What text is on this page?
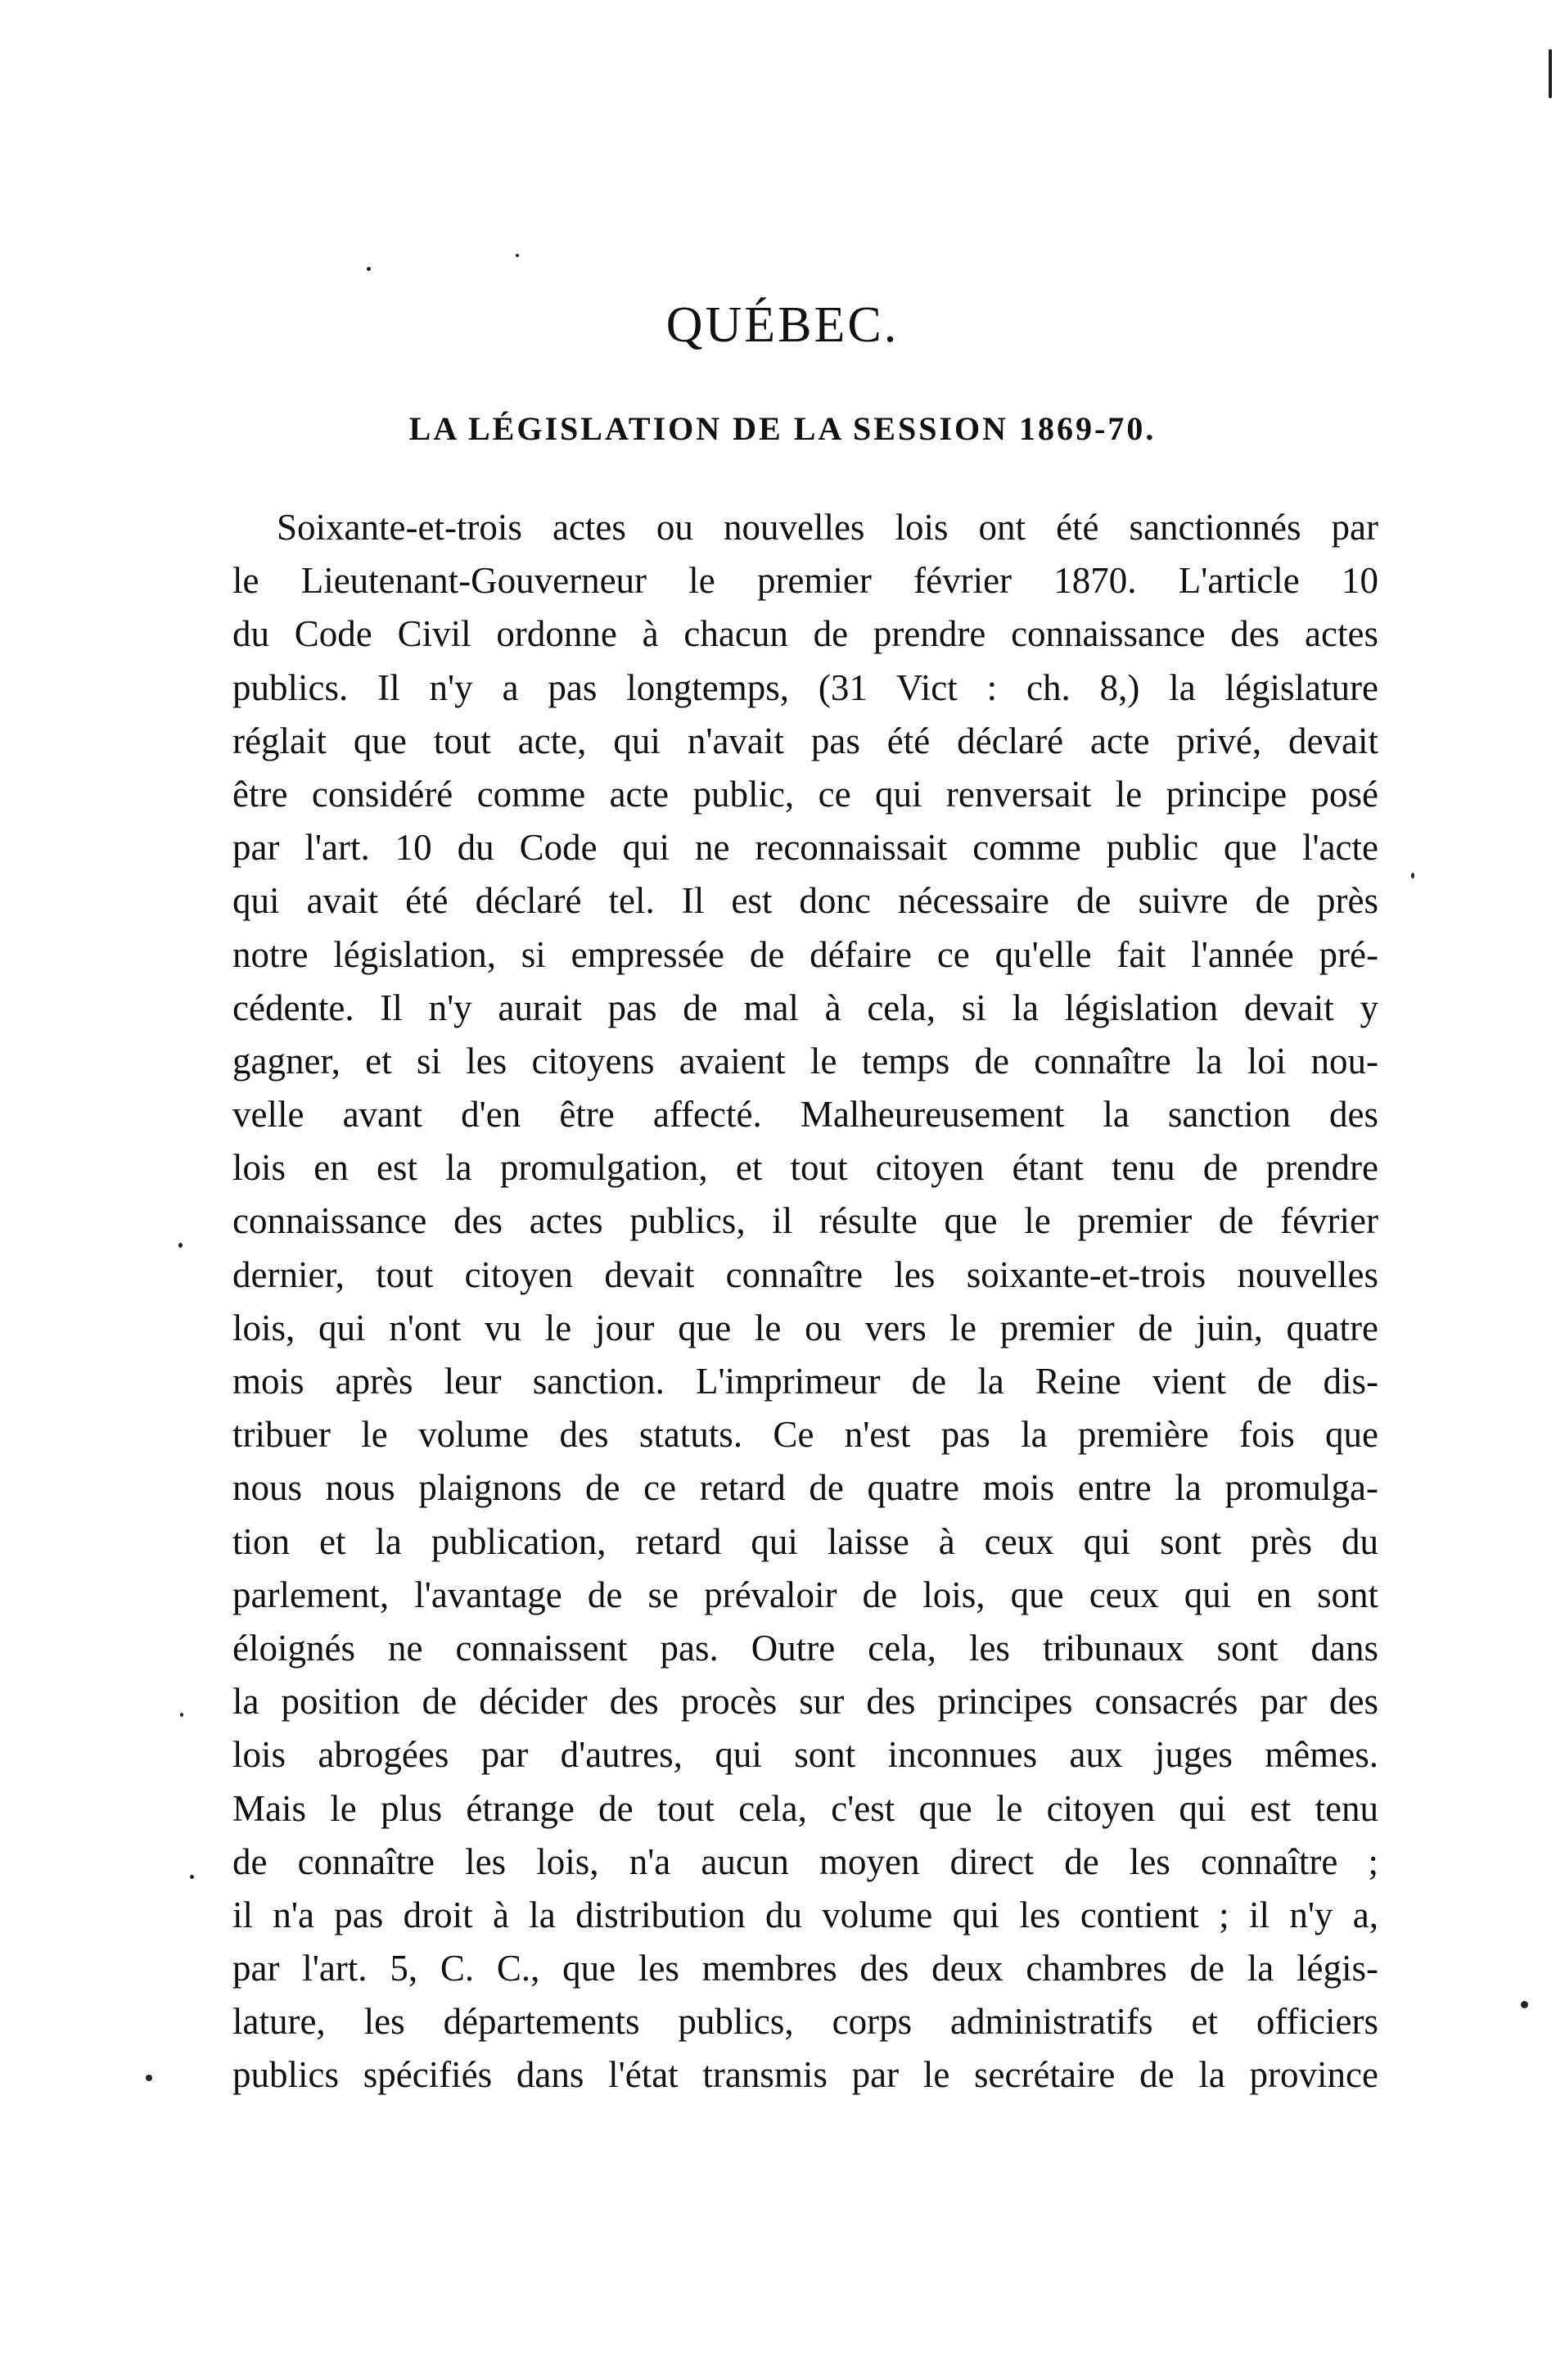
QUÉBEC.
LA LÉGISLATION DE LA SESSION 1869-70.
Soixante-et-trois actes ou nouvelles lois ont été sanctionnés par
le Lieutenant-Gouverneur le premier février 1870. L'article 10
du Code Civil ordonne à chacun de prendre connaissance des actes
publics. Il n'y a pas longtemps, (31 Vict : ch. 8,) la législature
réglait que tout acte, qui n'avait pas été déclaré acte privé, devait
être considéré comme acte public, ce qui renversait le principe posé
par l'art. 10 du Code qui ne reconnaissait comme public que l'acte
qui avait été déclaré tel. Il est donc nécessaire de suivre de près
notre législation, si empressée de défaire ce qu'elle fait l'année pré-
cédente. Il n'y aurait pas de mal à cela, si la législation devait y
gagner, et si les citoyens avaient le temps de connaître la loi nou-
velle avant d'en être affecté. Malheureusement la sanction des
lois en est la promulgation, et tout citoyen étant tenu de prendre
connaissance des actes publics, il résulte que le premier de février
dernier, tout citoyen devait connaître les soixante-et-trois nouvelles
lois, qui n'ont vu le jour que le ou vers le premier de juin, quatre
mois après leur sanction. L'imprimeur de la Reine vient de dis-
tribuer le volume des statuts. Ce n'est pas la première fois que
nous nous plaignons de ce retard de quatre mois entre la promulga-
tion et la publication, retard qui laisse à ceux qui sont près du
parlement, l'avantage de se prévaloir de lois, que ceux qui en sont
éloignés ne connaissent pas. Outre cela, les tribunaux sont dans
la position de décider des procès sur des principes consacrés par des
lois abrogées par d'autres, qui sont inconnues aux juges mêmes.
Mais le plus étrange de tout cela, c'est que le citoyen qui est tenu
de connaître les lois, n'a aucun moyen direct de les connaître ;
il n'a pas droit à la distribution du volume qui les contient ; il n'y a,
par l'art. 5, C. C., que les membres des deux chambres de la légis-
lature, les départements publics, corps administratifs et officiers
publics spécifiés dans l'état transmis par le secrétaire de la province
